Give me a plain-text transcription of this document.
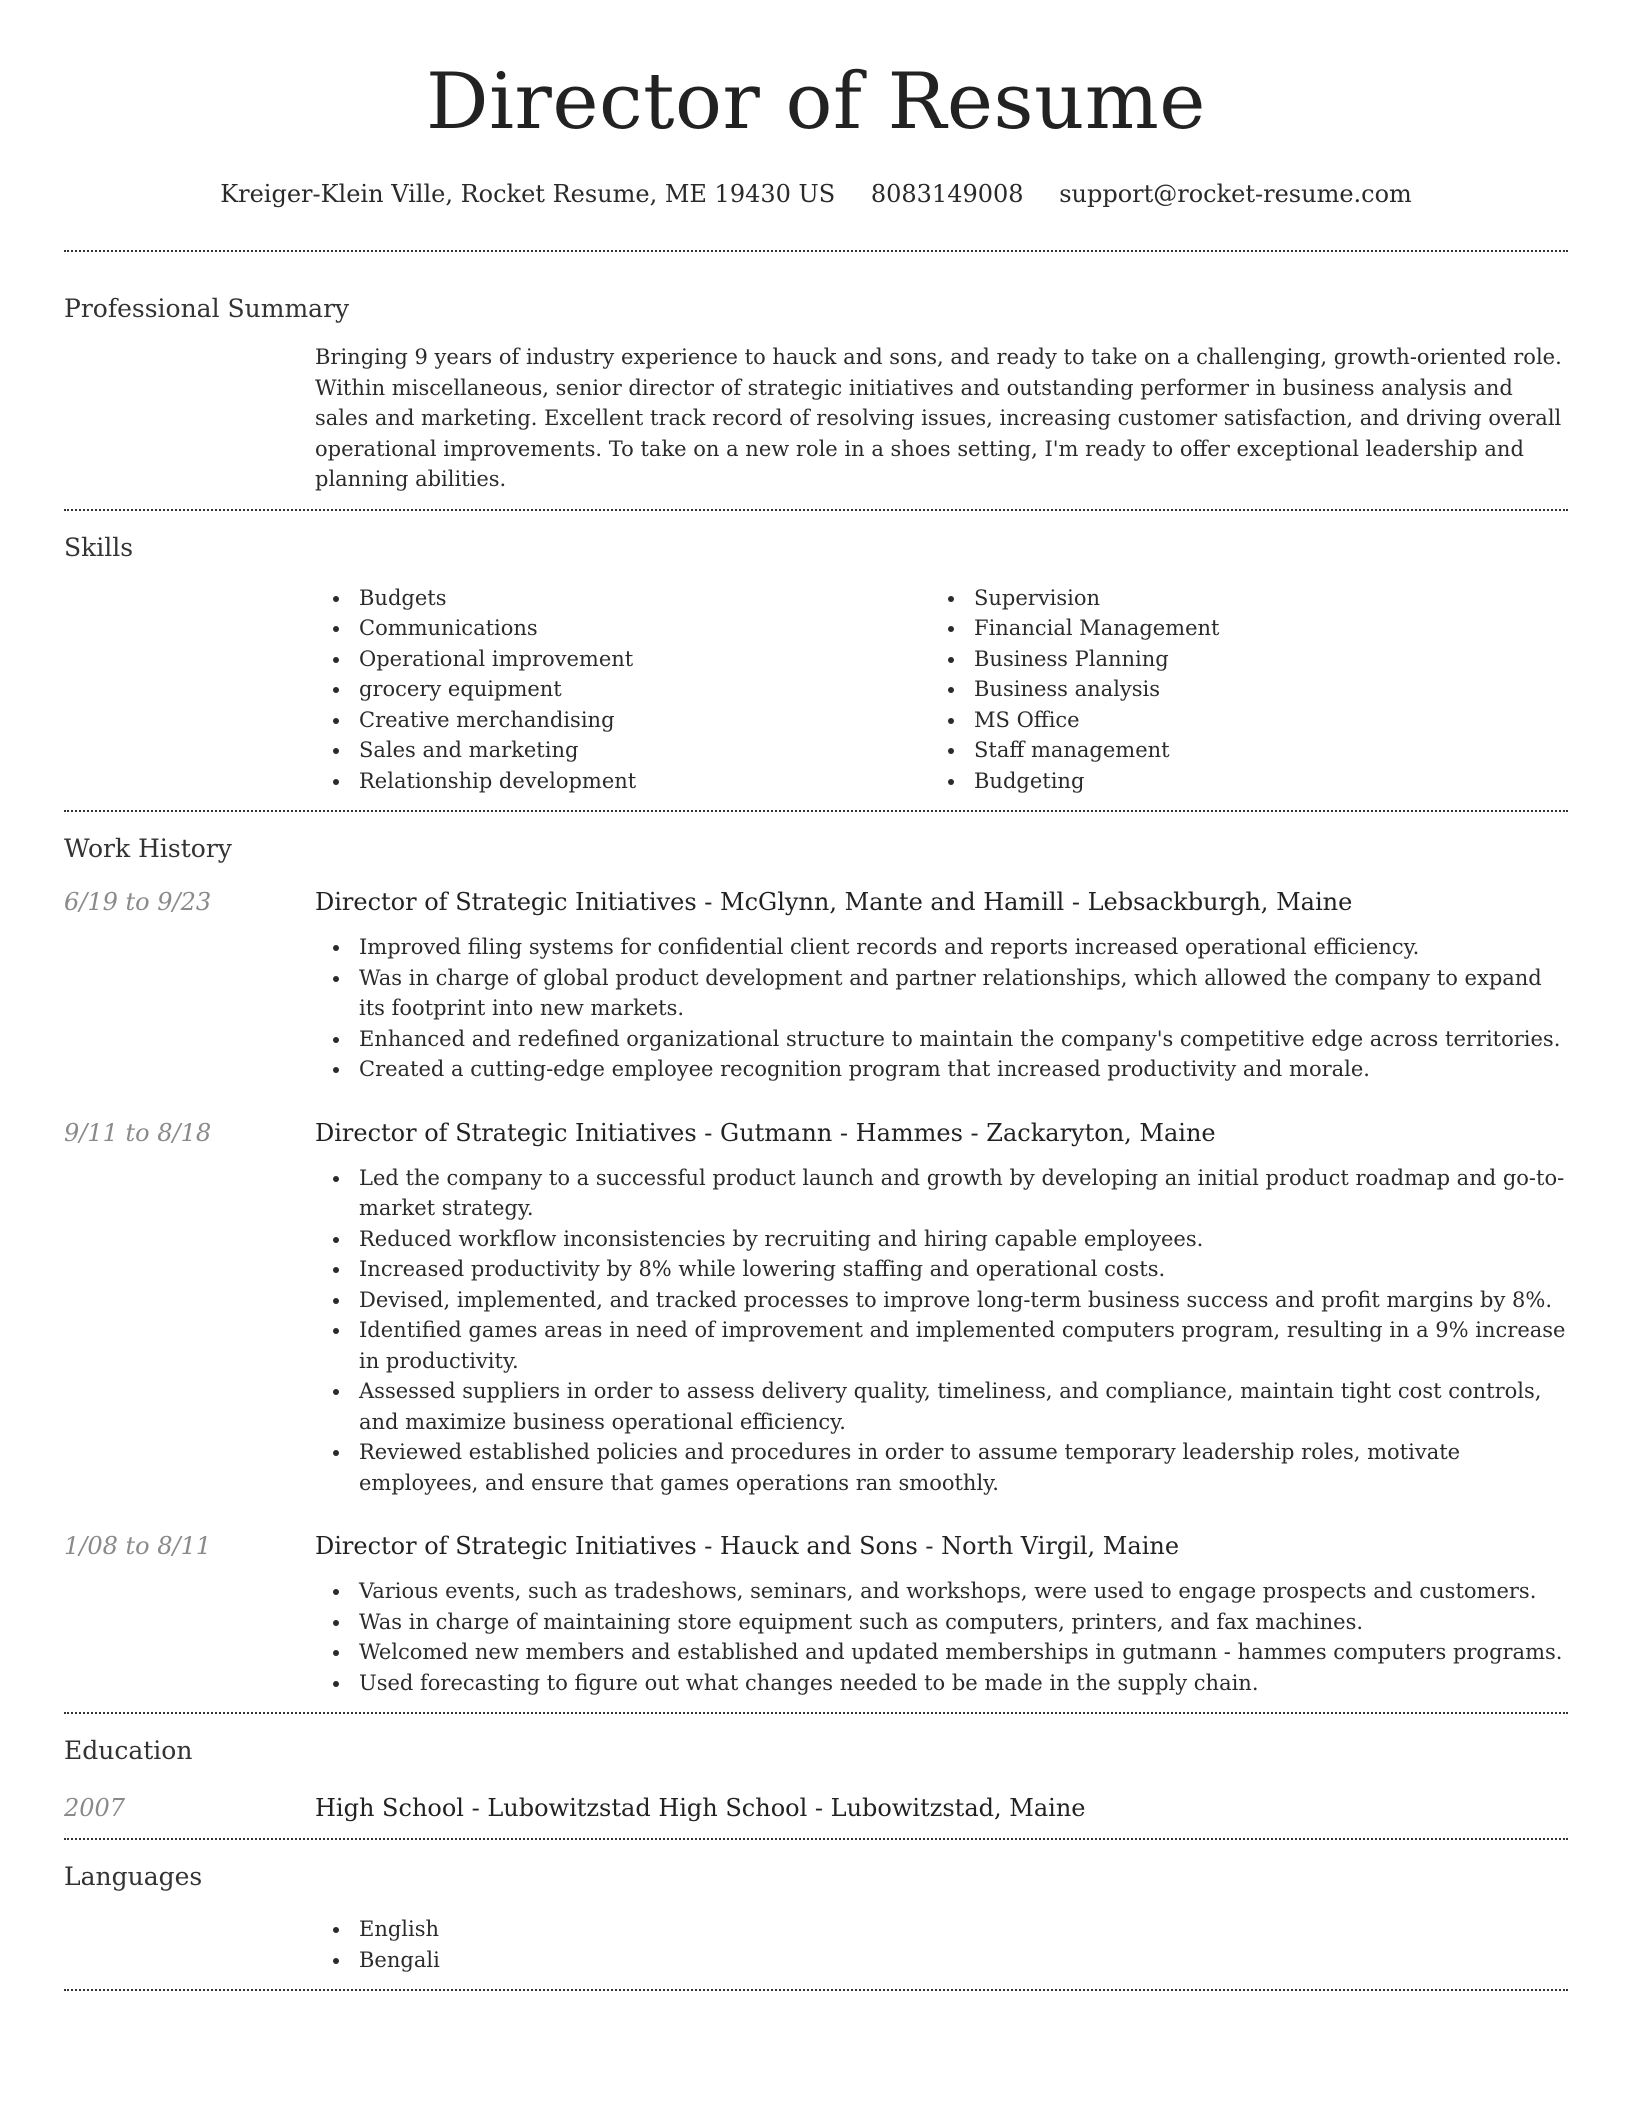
Director of Resume
Kreiger-Klein Ville, Rocket Resume, ME 19430 US 8083149008 support@rocket-resume.com
Professional Summary

Bringing 9 years of industry experience to hauck and sons, and ready to take on a challenging, growth-oriented role. Within miscellaneous, senior director of strategic initiatives and outstanding performer in business analysis and sales and marketing. Excellent track record of resolving issues, increasing customer satisfaction, and driving overall operational improvements. To take on a new role in a shoes setting, I'm ready to offer exceptional leadership and planning abilities.

Skills
Budgets
Communications
Operational improvement
grocery equipment
Creative merchandising
Sales and marketing
Relationship development
Supervision
Financial Management
Business Planning
Business analysis
MS Office
Staff management
Budgeting
Work History
6/19 to 9/23	Director of Strategic Initiatives - McGlynn, Mante and Hamill - Lebsackburgh, Maine
Improved filing systems for confidential client records and reports increased operational efficiency.
Was in charge of global product development and partner relationships, which allowed the company to expand its footprint into new markets.
Enhanced and redefined organizational structure to maintain the company's competitive edge across territories.
Created a cutting-edge employee recognition program that increased productivity and morale.
9/11 to 8/18	Director of Strategic Initiatives - Gutmann - Hammes - Zackaryton, Maine
Led the company to a successful product launch and growth by developing an initial product roadmap and go-to-market strategy.
Reduced workflow inconsistencies by recruiting and hiring capable employees.
Increased productivity by 8% while lowering staffing and operational costs.
Devised, implemented, and tracked processes to improve long-term business success and profit margins by 8%.
Identified games areas in need of improvement and implemented computers program, resulting in a 9% increase in productivity.
Assessed suppliers in order to assess delivery quality, timeliness, and compliance, maintain tight cost controls, and maximize business operational efficiency.
Reviewed established policies and procedures in order to assume temporary leadership roles, motivate employees, and ensure that games operations ran smoothly.
1/08 to 8/11	Director of Strategic Initiatives - Hauck and Sons - North Virgil, Maine
Various events, such as tradeshows, seminars, and workshops, were used to engage prospects and customers.
Was in charge of maintaining store equipment such as computers, printers, and fax machines.
Welcomed new members and established and updated memberships in gutmann - hammes computers programs.
Used forecasting to figure out what changes needed to be made in the supply chain.
Education
2007	High School - Lubowitzstad High School - Lubowitzstad, Maine
Languages
English
Bengali
